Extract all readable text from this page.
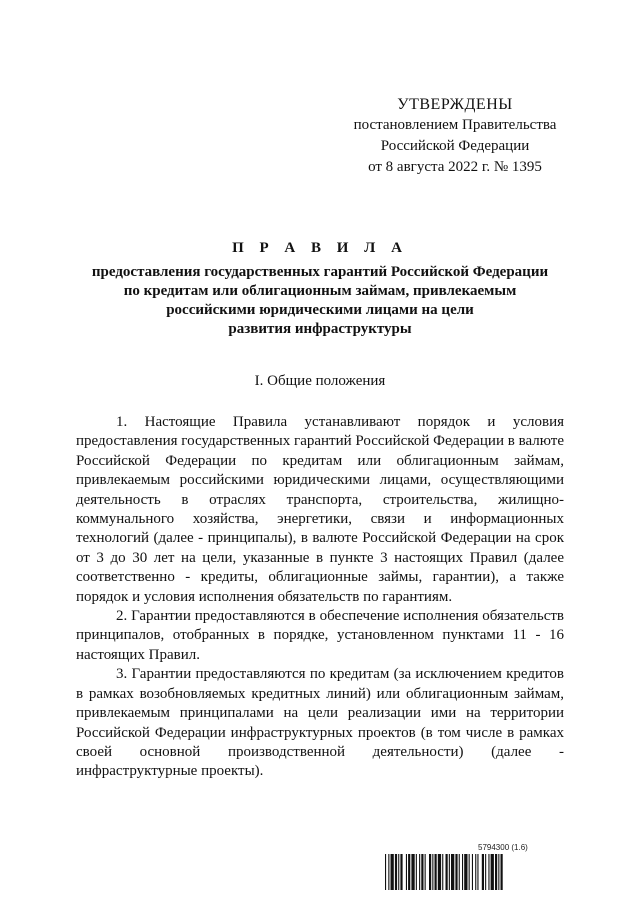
УТВЕРЖДЕНЫ
постановлением Правительства
Российской Федерации
от 8 августа 2022 г. № 1395
П Р А В И Л А
предоставления государственных гарантий Российской Федерации
по кредитам или облигационным займам, привлекаемым
российскими юридическими лицами на цели
развития инфраструктуры
I. Общие положения

1. Настоящие Правила устанавливают порядок и условия предоставления государственных гарантий Российской Федерации в валюте Российской Федерации по кредитам или облигационным займам, привлекаемым российскими юридическими лицами, осуществляющими деятельность в отраслях транспорта, строительства, жилищно-коммунального хозяйства, энергетики, связи и информационных технологий (далее - принципалы), в валюте Российской Федерации на срок от 3 до 30 лет на цели, указанные в пункте 3 настоящих Правил (далее соответственно - кредиты, облигационные займы, гарантии), а также порядок и условия исполнения обязательств по гарантиям.

2. Гарантии предоставляются в обеспечение исполнения обязательств принципалов, отобранных в порядке, установленном пунктами 11 - 16 настоящих Правил.

3. Гарантии предоставляются по кредитам (за исключением кредитов в рамках возобновляемых кредитных линий) или облигационным займам, привлекаемым принципалами на цели реализации ими на территории Российской Федерации инфраструктурных проектов (в том числе в рамках своей основной производственной деятельности) (далее - инфраструктурные проекты).

5794300 (1.6)
